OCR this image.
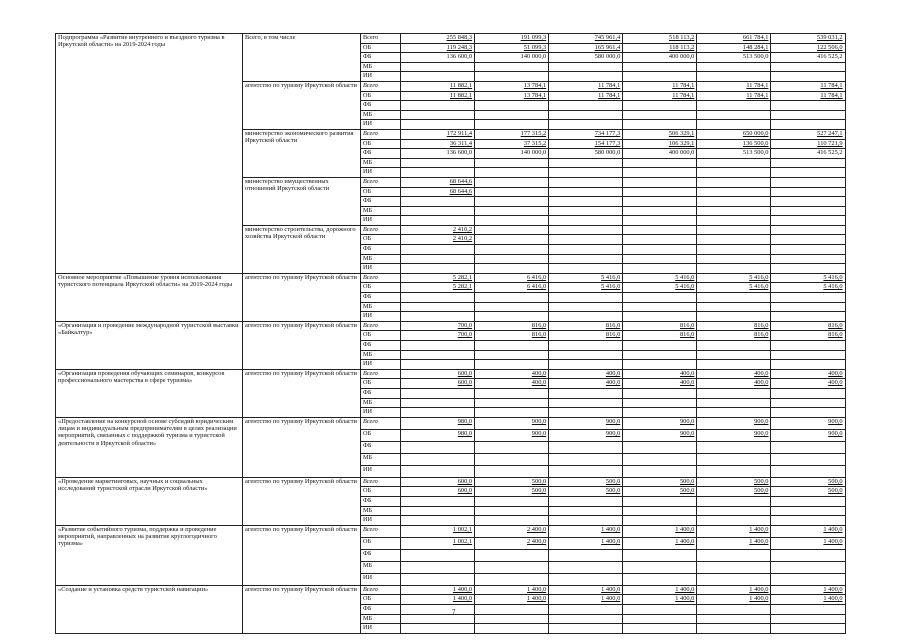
Подпрограмма «Развитие внутреннего и въездного туризма в Иркутской области» на 2019-2024 годы	Всего, в том числе	Всего	255 848,3	191 099,3	745 961,4	518 113,2	661 784,1	539 031,2
		ОБ	119 248,3	51 099,3	165 961,4	118 113,2	148 284,1	122 506,0
		ФБ	136 600,0	140 000,0	580 000,0	400 000,0	513 500,0	416 525,2
		МБ						
		ИИ						
	агентство по туризму Иркутской области	Всего	11 882,1	13 784,1	11 784,1	11 784,1	11 784,1	11 784,1
		ОБ	11 882,1	13 784,1	11 784,1	11 784,1	11 784,1	11 784,1
		ФБ						
		МБ						
		ИИ						
	министерство экономического развития Иркутской области	Всего	172 911,4	177 315,2	734 177,3	506 329,1	650 000,0	527 247,1
		ОБ	36 311,4	37 315,2	154 177,3	106 329,1	136 500,0	110 721,9
		ФБ	136 600,0	140 000,0	580 000,0	400 000,0	513 500,0	416 525,2
		МБ						
		ИИ						
	министерство имущественных отношений Иркутской области	Всего	68 644,6					
		ОБ	68 644,6					
		ФБ						
		МБ						
		ИИ						
	министерство строительства, дорожного хозяйства Иркутской области	Всего	2 410,2					
		ОБ	2 410,2					
		ФБ						
		МБ						
		ИИ						
Основное мероприятие «Повышение уровня использования туристского потенциала Иркутской области» на 2019-2024 годы	агентство по туризму Иркутской области	Всего	5 282,1	6 416,0	5 416,0	5 416,0	5 416,0	5 416,0
		ОБ	5 282,1	6 416,0	5 416,0	5 416,0	5 416,0	5 416,0
		ФБ						
		МБ						
		ИИ						
«Организация и проведение международной туристской выставки «Байкалтур»	агентство по туризму Иркутской области	Всего	700,0	816,0	816,0	816,0	816,0	816,0
		ОБ	700,0	816,0	816,0	816,0	816,0	816,0
		ФБ						
		МБ						
		ИИ						
«Организация проведения обучающих семинаров, конкурсов профессионального мастерства в сфере туризма»	агентство по туризму Иркутской области	Всего	600,0	400,0	400,0	400,0	400,0	400,0
		ОБ	600,0	400,0	400,0	400,0	400,0	400,0
		ФБ						
		МБ						
		ИИ						
«Предоставление на конкурсной основе субсидий юридическим лицам и индивидуальным предпринимателям в целях реализации мероприятий, связанных с поддержкой туризма и туристской деятельности в Иркутской области»	агентство по туризму Иркутской области	Всего	980,0	900,0	900,0	900,0	900,0	900,0
		ОБ	980,0	900,0	900,0	900,0	900,0	900,0
		ФБ						
		МБ						
		ИИ						
«Проведение маркетинговых, научных и социальных исследований туристской отрасли Иркутской области»	агентство по туризму Иркутской области	Всего	600,0	500,0	500,0	500,0	500,0	500,0
		ОБ	600,0	500,0	500,0	500,0	500,0	500,0
		ФБ						
		МБ						
		ИИ						
«Развитие событийного туризма, поддержка и проведение мероприятий, направленных на развитие круглогодичного туризма»	агентство по туризму Иркутской области	Всего	1 002,1	2 400,0	1 400,0	1 400,0	1 400,0	1 400,0
		ОБ	1 002,1	2 400,0	1 400,0	1 400,0	1 400,0	1 400,0
		ФБ						
		МБ						
		ИИ						
«Создание и установка средств туристской навигации»	агентство по туризму Иркутской области	Всего	1 400,0	1 400,0	1 400,0	1 400,0	1 400,0	1 400,0
		ОБ	1 400,0	1 400,0	1 400,0	1 400,0	1 400,0	1 400,0
		ФБ						
		МБ						
		ИИ						
7
